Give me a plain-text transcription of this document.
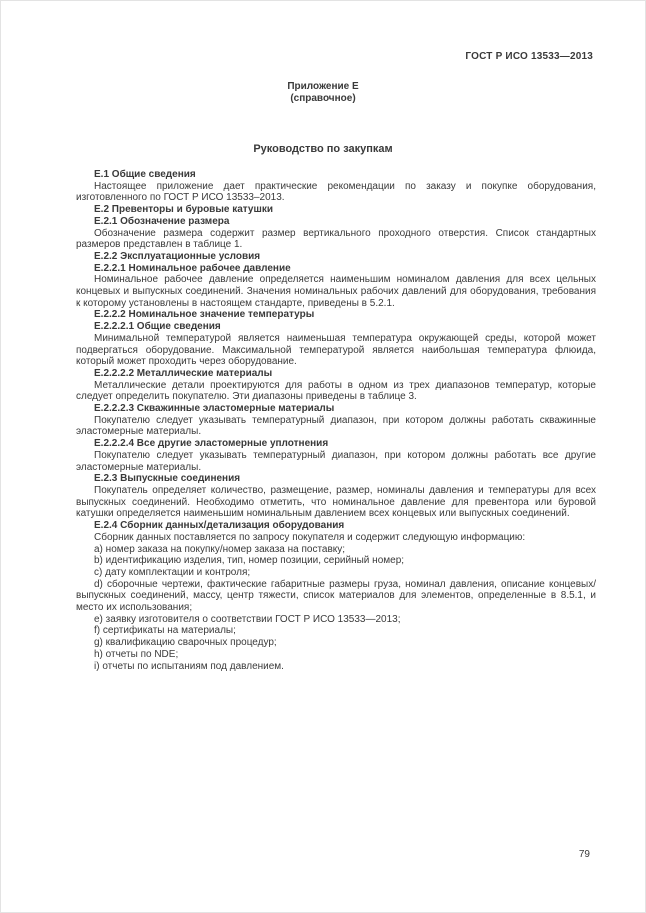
ГОСТ Р ИСО 13533—2013
Приложение Е
(справочное)
Руководство по закупкам

Е.1 Общие сведения

Настоящее приложение дает практические рекомендации по заказу и покупке оборудования, изготовленного по ГОСТ Р ИСО 13533–2013.

Е.2 Превенторы и буровые катушки

Е.2.1 Обозначение размера

Обозначение размера содержит размер вертикального проходного отверстия. Список стандартных размеров представлен в таблице 1.

Е.2.2 Эксплуатационные условия

Е.2.2.1 Номинальное рабочее давление

Номинальное рабочее давление определяется наименьшим номиналом давления для всех цельных концевых и выпускных соединений. Значения номинальных рабочих давлений для оборудования, требования к которому установлены в настоящем стандарте, приведены в 5.2.1.

Е.2.2.2 Номинальное значение температуры

Е.2.2.2.1 Общие сведения

Минимальной температурой является наименьшая температура окружающей среды, которой может подвергаться оборудование. Максимальной температурой является наибольшая температура флюида, который может проходить через оборудование.

Е.2.2.2.2 Металлические материалы

Металлические детали проектируются для работы в одном из трех диапазонов температур, которые следует определить покупателю. Эти диапазоны приведены в таблице 3.

Е.2.2.2.3 Скважинные эластомерные материалы

Покупателю следует указывать температурный диапазон, при котором должны работать скважинные эластомерные материалы.

Е.2.2.2.4 Все другие эластомерные уплотнения

Покупателю следует указывать температурный диапазон, при котором должны работать все другие эластомерные материалы.

Е.2.3 Выпускные соединения

Покупатель определяет количество, размещение, размер, номиналы давления и температуры для всех выпускных соединений. Необходимо отметить, что номинальное давление для превентора или буровой катушки определяется наименьшим номинальным давлением всех концевых или выпускных соединений.

Е.2.4 Сборник данных/детализация оборудования

Сборник данных поставляется по запросу покупателя и содержит следующую информацию:

a) номер заказа на покупку/номер заказа на поставку;

b) идентификацию изделия, тип, номер позиции, серийный номер;

c) дату комплектации и контроля;

d) сборочные чертежи, фактические габаритные размеры груза, номинал давления, описание концевых/выпускных соединений, массу, центр тяжести, список материалов для элементов, определенные в 8.5.1, и место их использования;

e) заявку изготовителя о соответствии ГОСТ Р ИСО 13533—2013;

f) сертификаты на материалы;

g) квалификацию сварочных процедур;

h) отчеты по NDE;

i) отчеты по испытаниям под давлением.

79
